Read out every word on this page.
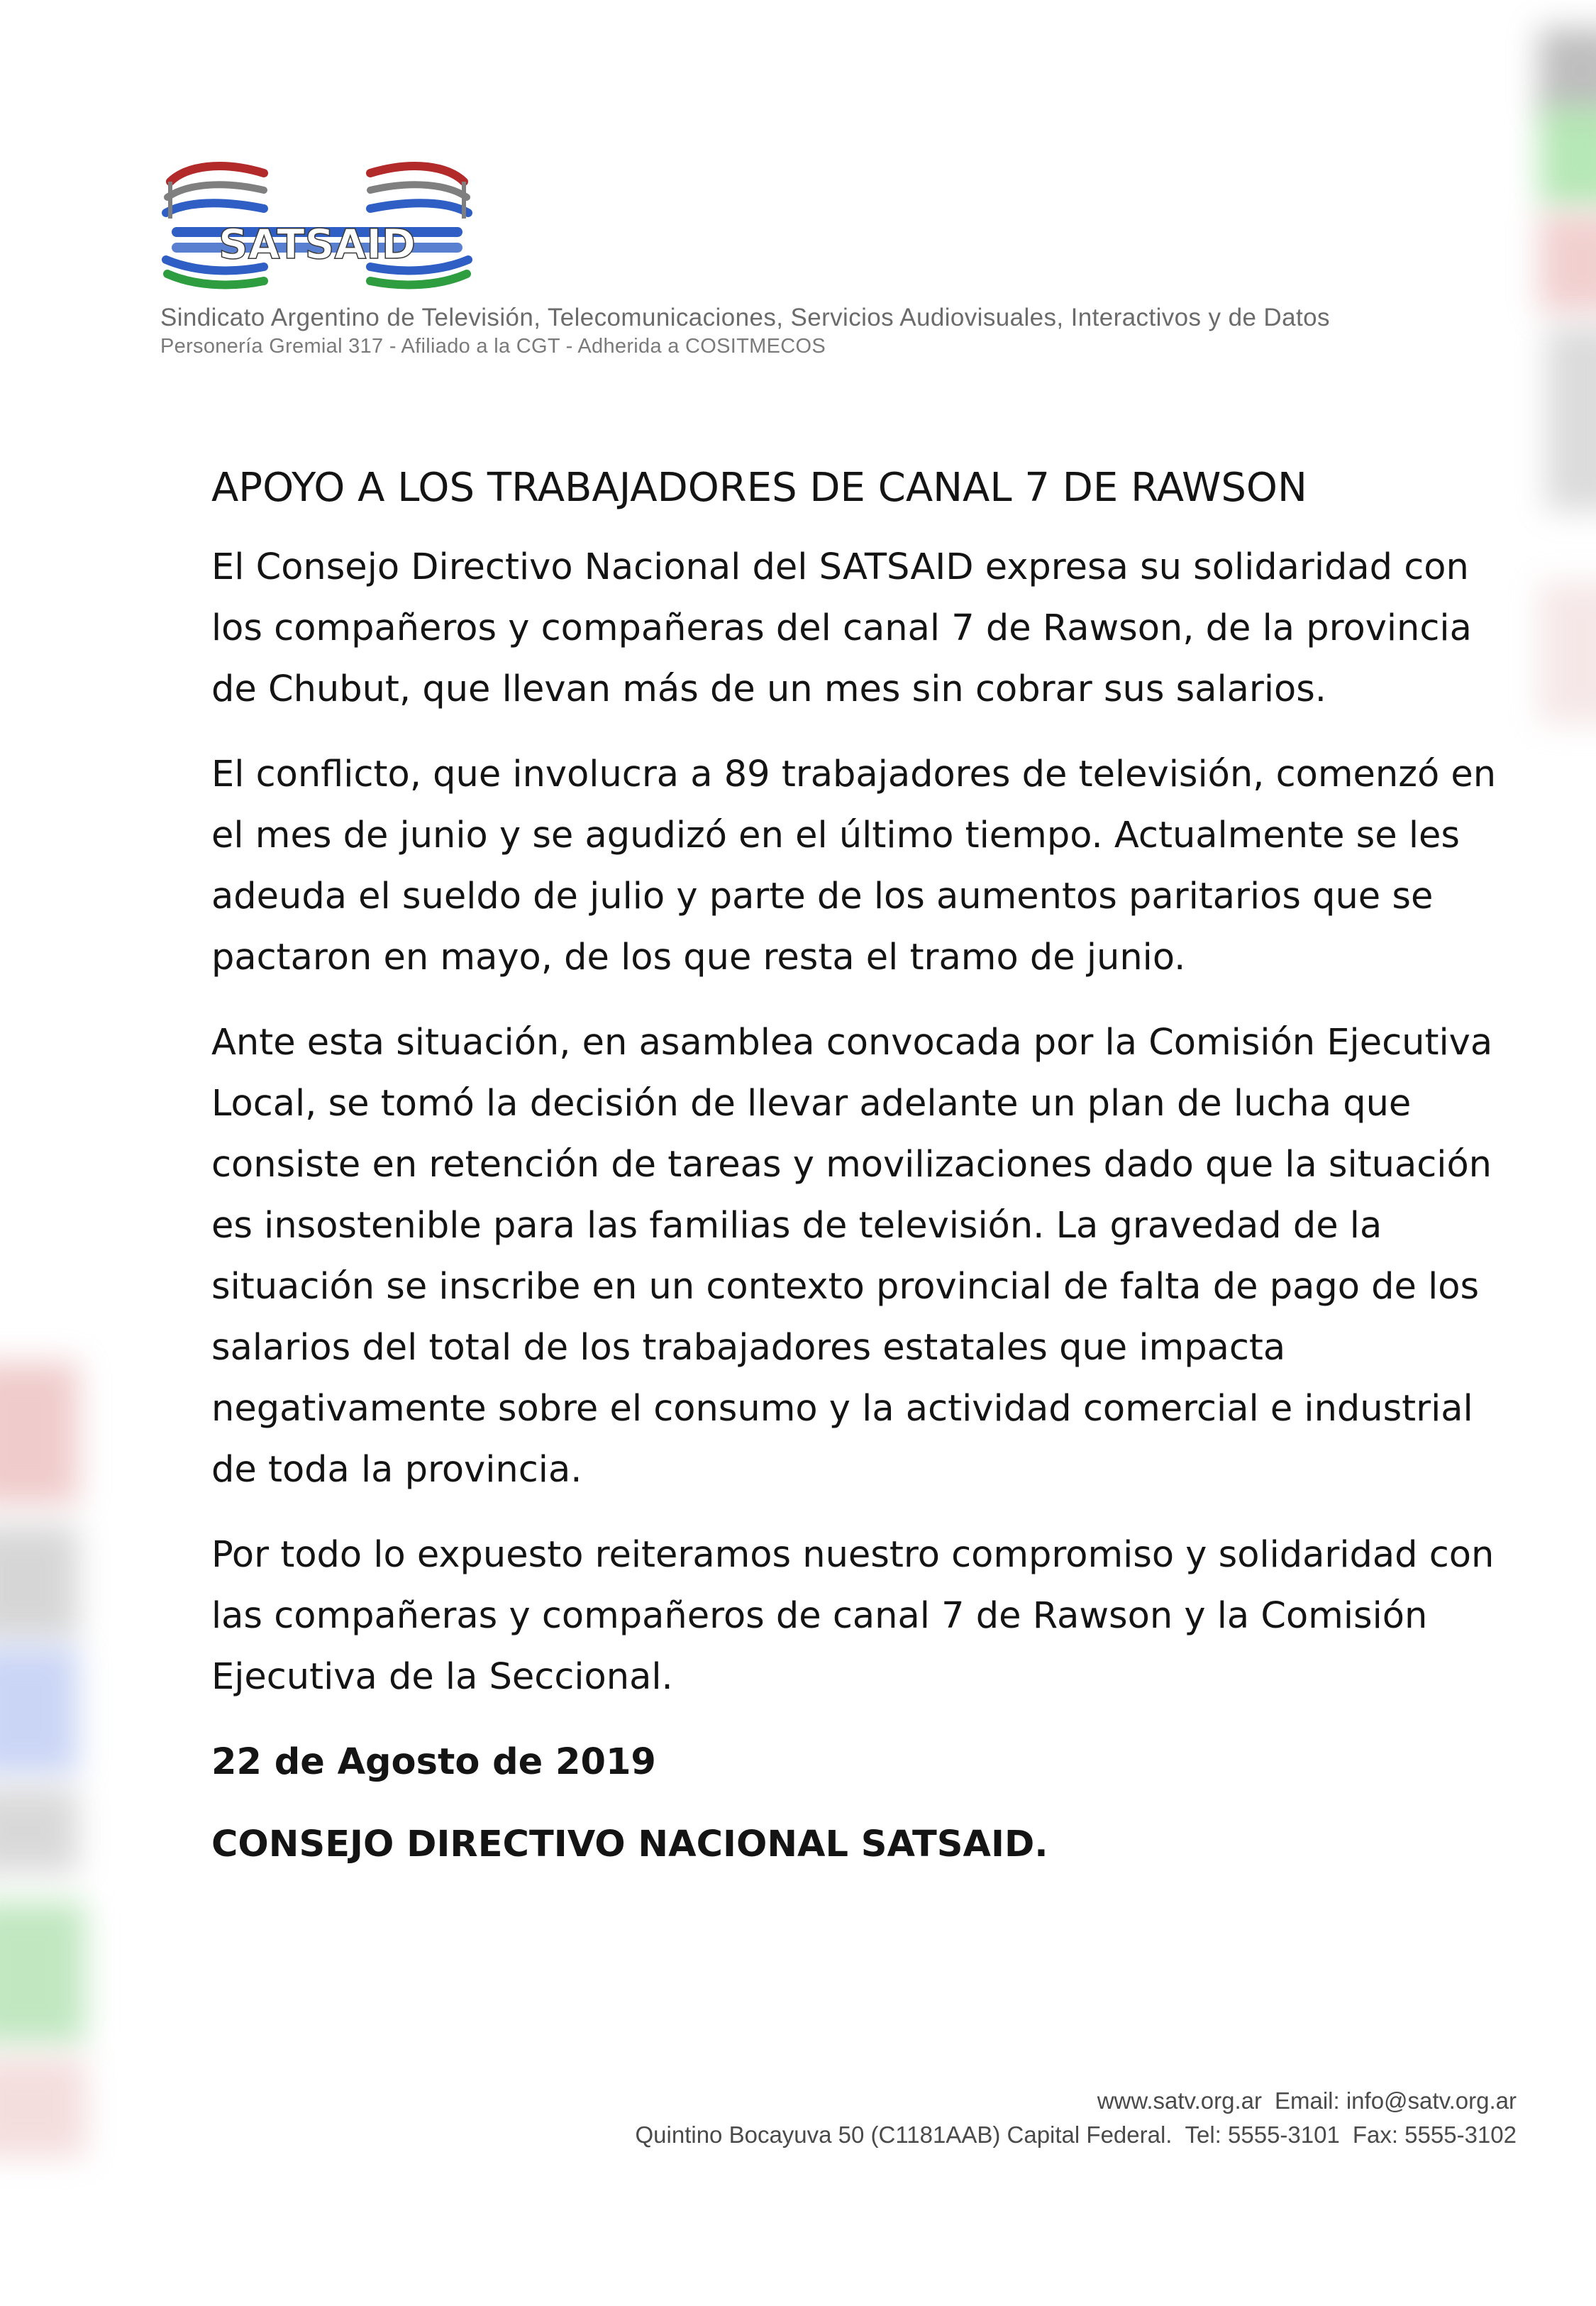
SATSAID
Sindicato Argentino de Televisión, Telecomunicaciones, Servicios Audiovisuales, Interactivos y de Datos
Personería Gremial 317 - Afiliado a la CGT - Adherida a COSITMECOS
APOYO A LOS TRABAJADORES DE CANAL 7 DE RAWSON

El Consejo Directivo Nacional del SATSAID expresa su solidaridad con los compañeros y compañeras del canal 7 de Rawson, de la provincia de Chubut, que llevan más de un mes sin cobrar sus salarios.

El conflicto, que involucra a 89 trabajadores de televisión, comenzó en el mes de junio y se agudizó en el último tiempo. Actualmente se les adeuda el sueldo de julio y parte de los aumentos paritarios que se pactaron en mayo, de los que resta el tramo de junio.

Ante esta situación, en asamblea convocada por la Comisión Ejecutiva Local, se tomó la decisión de llevar adelante un plan de lucha que consiste en retención de tareas y movilizaciones dado que la situación es insostenible para las familias de televisión. La gravedad de la situación se inscribe en un contexto provincial de falta de pago de los salarios del total de los trabajadores estatales que impacta negativamente sobre el consumo y la actividad comercial e industrial de toda la provincia.

Por todo lo expuesto reiteramos nuestro compromiso y solidaridad con las compañeras y compañeros de canal 7 de Rawson y la Comisión Ejecutiva de la Seccional.

22 de Agosto de 2019

CONSEJO DIRECTIVO NACIONAL SATSAID.

www.satv.org.ar Email: info@satv.org.ar
Quintino Bocayuva 50 (C1181AAB) Capital Federal. Tel: 5555-3101 Fax: 5555-3102
